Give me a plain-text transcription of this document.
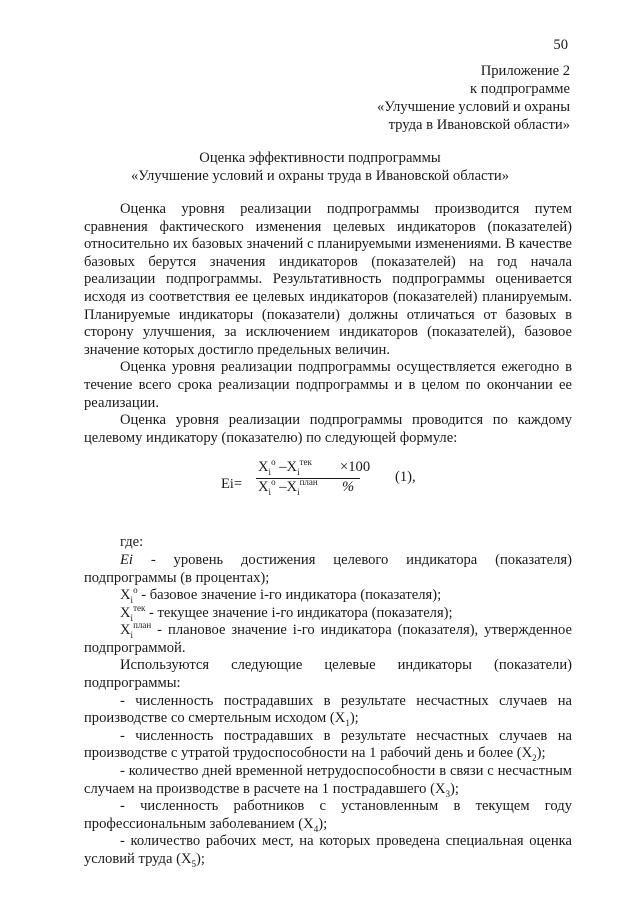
50
Приложение 2
к подпрограмме
«Улучшение условий и охраны
труда в Ивановской области»
Оценка эффективности подпрограммы
«Улучшение условий и охраны труда в Ивановской области»

Оценка уровня реализации подпрограммы производится путем сравнения фактического изменения целевых индикаторов (показателей) относительно их базовых значений с планируемыми изменениями. В качестве базовых берутся значения индикаторов (показателей) на год начала реализации подпрограммы. Результативность подпрограммы оценивается исходя из соответствия ее целевых индикаторов (показателей) планируемым. Планируемые индикаторы (показатели) должны отличаться от базовых в сторону улучшения, за исключением индикаторов (показателей), базовое значение которых достигло предельных величин.

Оценка уровня реализации подпрограммы осуществляется ежегодно в течение всего срока реализации подпрограммы и в целом по окончании ее реализации.

Оценка уровня реализации подпрограммы проводится по каждому целевому индикатору (показателю) по следующей формуле:

Еi=
$X_i^о$ $-X_i^{тек}$
$X_i^о$ $-X_i^{план}$
×100
%
(1),

где:

Еi - уровень достижения целевого индикатора (показателя) подпрограммы (в процентах);

$X_i^о$ - базовое значение i-го индикатора (показателя);

$X_i^{тек}$ - текущее значение i-го индикатора (показателя);

$X_i^{план}$ - плановое значение i-го индикатора (показателя), утвержденное подпрограммой.

Используются следующие целевые индикаторы (показатели) подпрограммы:

- численность пострадавших в результате несчастных случаев на производстве со смертельным исходом $(X_1)$;

- численность пострадавших в результате несчастных случаев на производстве с утратой трудоспособности на 1 рабочий день и более $(X_2)$;

- количество дней временной нетрудоспособности в связи с несчастным случаем на производстве в расчете на 1 пострадавшего $(X_3)$;

- численность работников с установленным в текущем году профессиональным заболеванием $(X_4)$;

- количество рабочих мест, на которых проведена специальная оценка условий труда $(X_5)$;
